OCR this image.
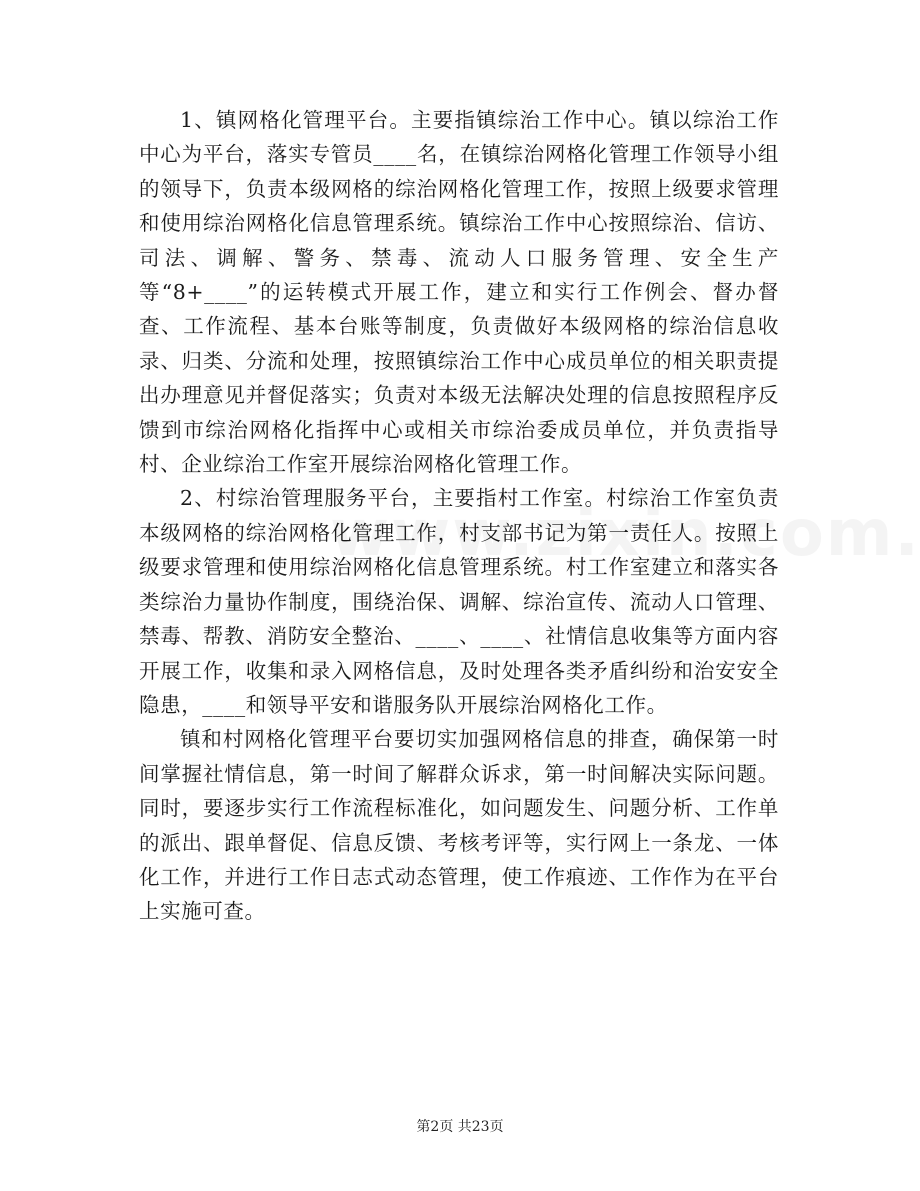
1、镇网格化管理平台。主要指镇综治工作中心。镇以综治工作中心为平台，落实专管员____名，在镇综治网格化管理工作领导小组的领导下，负责本级网格的综治网格化管理工作，按照上级要求管理和使用综治网格化信息管理系统。镇综治工作中心按照综治、信访、司法、调解、警务、禁毒、流动人口服务管理、安全生产等“8+____”的运转模式开展工作，建立和实行工作例会、督办督查、工作流程、基本台账等制度，负责做好本级网格的综治信息收录、归类、分流和处理，按照镇综治工作中心成员单位的相关职责提出办理意见并督促落实；负责对本级无法解决处理的信息按照程序反馈到市综治网格化指挥中心或相关市综治委成员单位，并负责指导村、企业综治工作室开展综治网格化管理工作。

2、村综治管理服务平台，主要指村工作室。村综治工作室负责本级网格的综治网格化管理工作，村支部书记为第一责任人。按照上级要求管理和使用综治网格化信息管理系统。村工作室建立和落实各类综治力量协作制度，围绕治保、调解、综治宣传、流动人口管理、禁毒、帮教、消防安全整治、____、____、社情信息收集等方面内容开展工作，收集和录入网格信息，及时处理各类矛盾纠纷和治安安全隐患，____和领导平安和谐服务队开展综治网格化工作。

镇和村网格化管理平台要切实加强网格信息的排查，确保第一时间掌握社情信息，第一时间了解群众诉求，第一时间解决实际问题。同时，要逐步实行工作流程标准化，如问题发生、问题分析、工作单的派出、跟单督促、信息反馈、考核考评等，实行网上一条龙、一体化工作，并进行工作日志式动态管理，使工作痕迹、工作作为在平台上实施可查。

第2页 共23页
